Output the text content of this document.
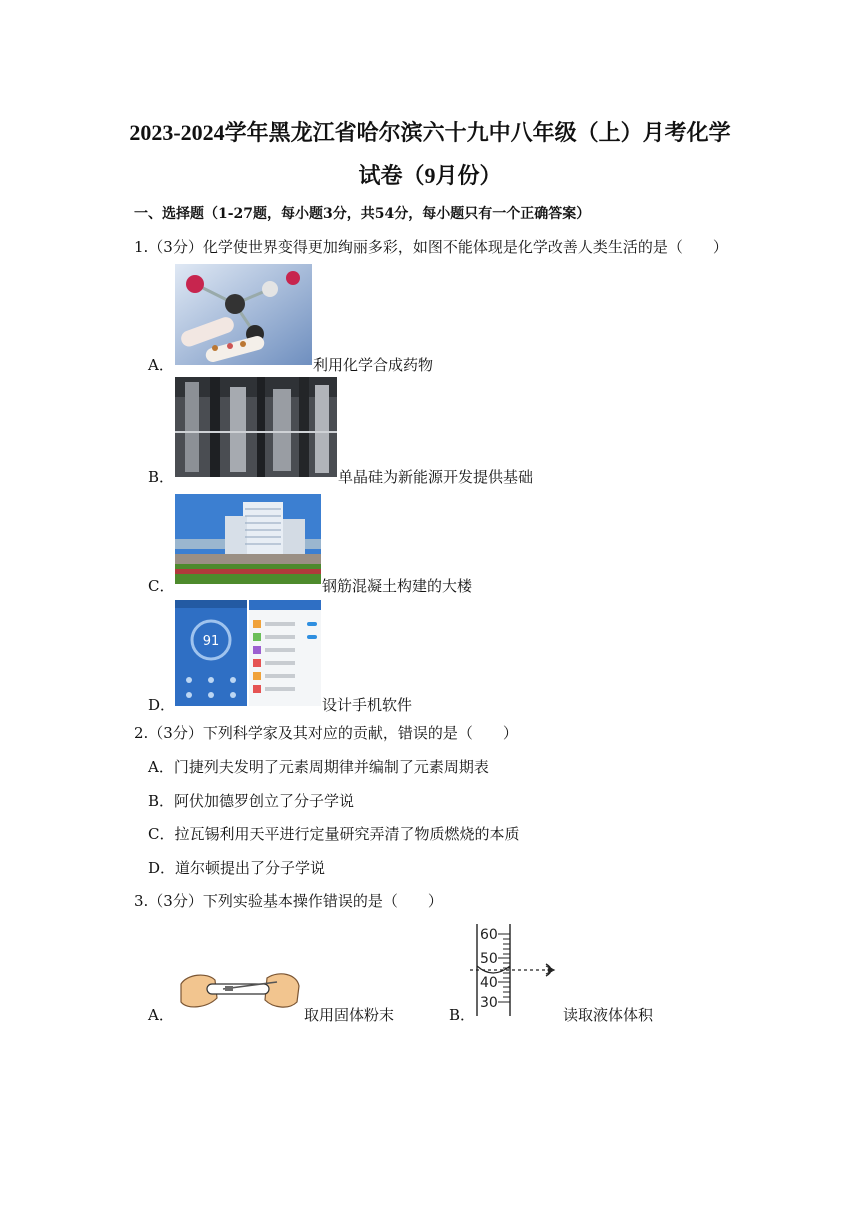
2023-2024学年黑龙江省哈尔滨六十九中八年级（上）月考化学
试卷（9月份）
一、选择题（1-27题，每小题3分，共54分，每小题只有一个正确答案）
1.（3分）化学使世界变得更加绚丽多彩，如图不能体现是化学改善人类生活的是（　　）
A．	利用化学合成药物
B．	单晶硅为新能源开发提供基础
C．	钢筋混凝土构建的大楼
D．
91
设计手机软件
2.（3分）下列科学家及其对应的贡献，错误的是（　　）
A．门捷列夫发明了元素周期律并编制了元素周期表
B．阿伏加德罗创立了分子学说
C．拉瓦锡利用天平进行定量研究弄清了物质燃烧的本质
D．道尔顿提出了分子学说
3.（3分）下列实验基本操作错误的是（　　）
A．	取用固体粉末	B．
60
50
40
30
读取液体体积
